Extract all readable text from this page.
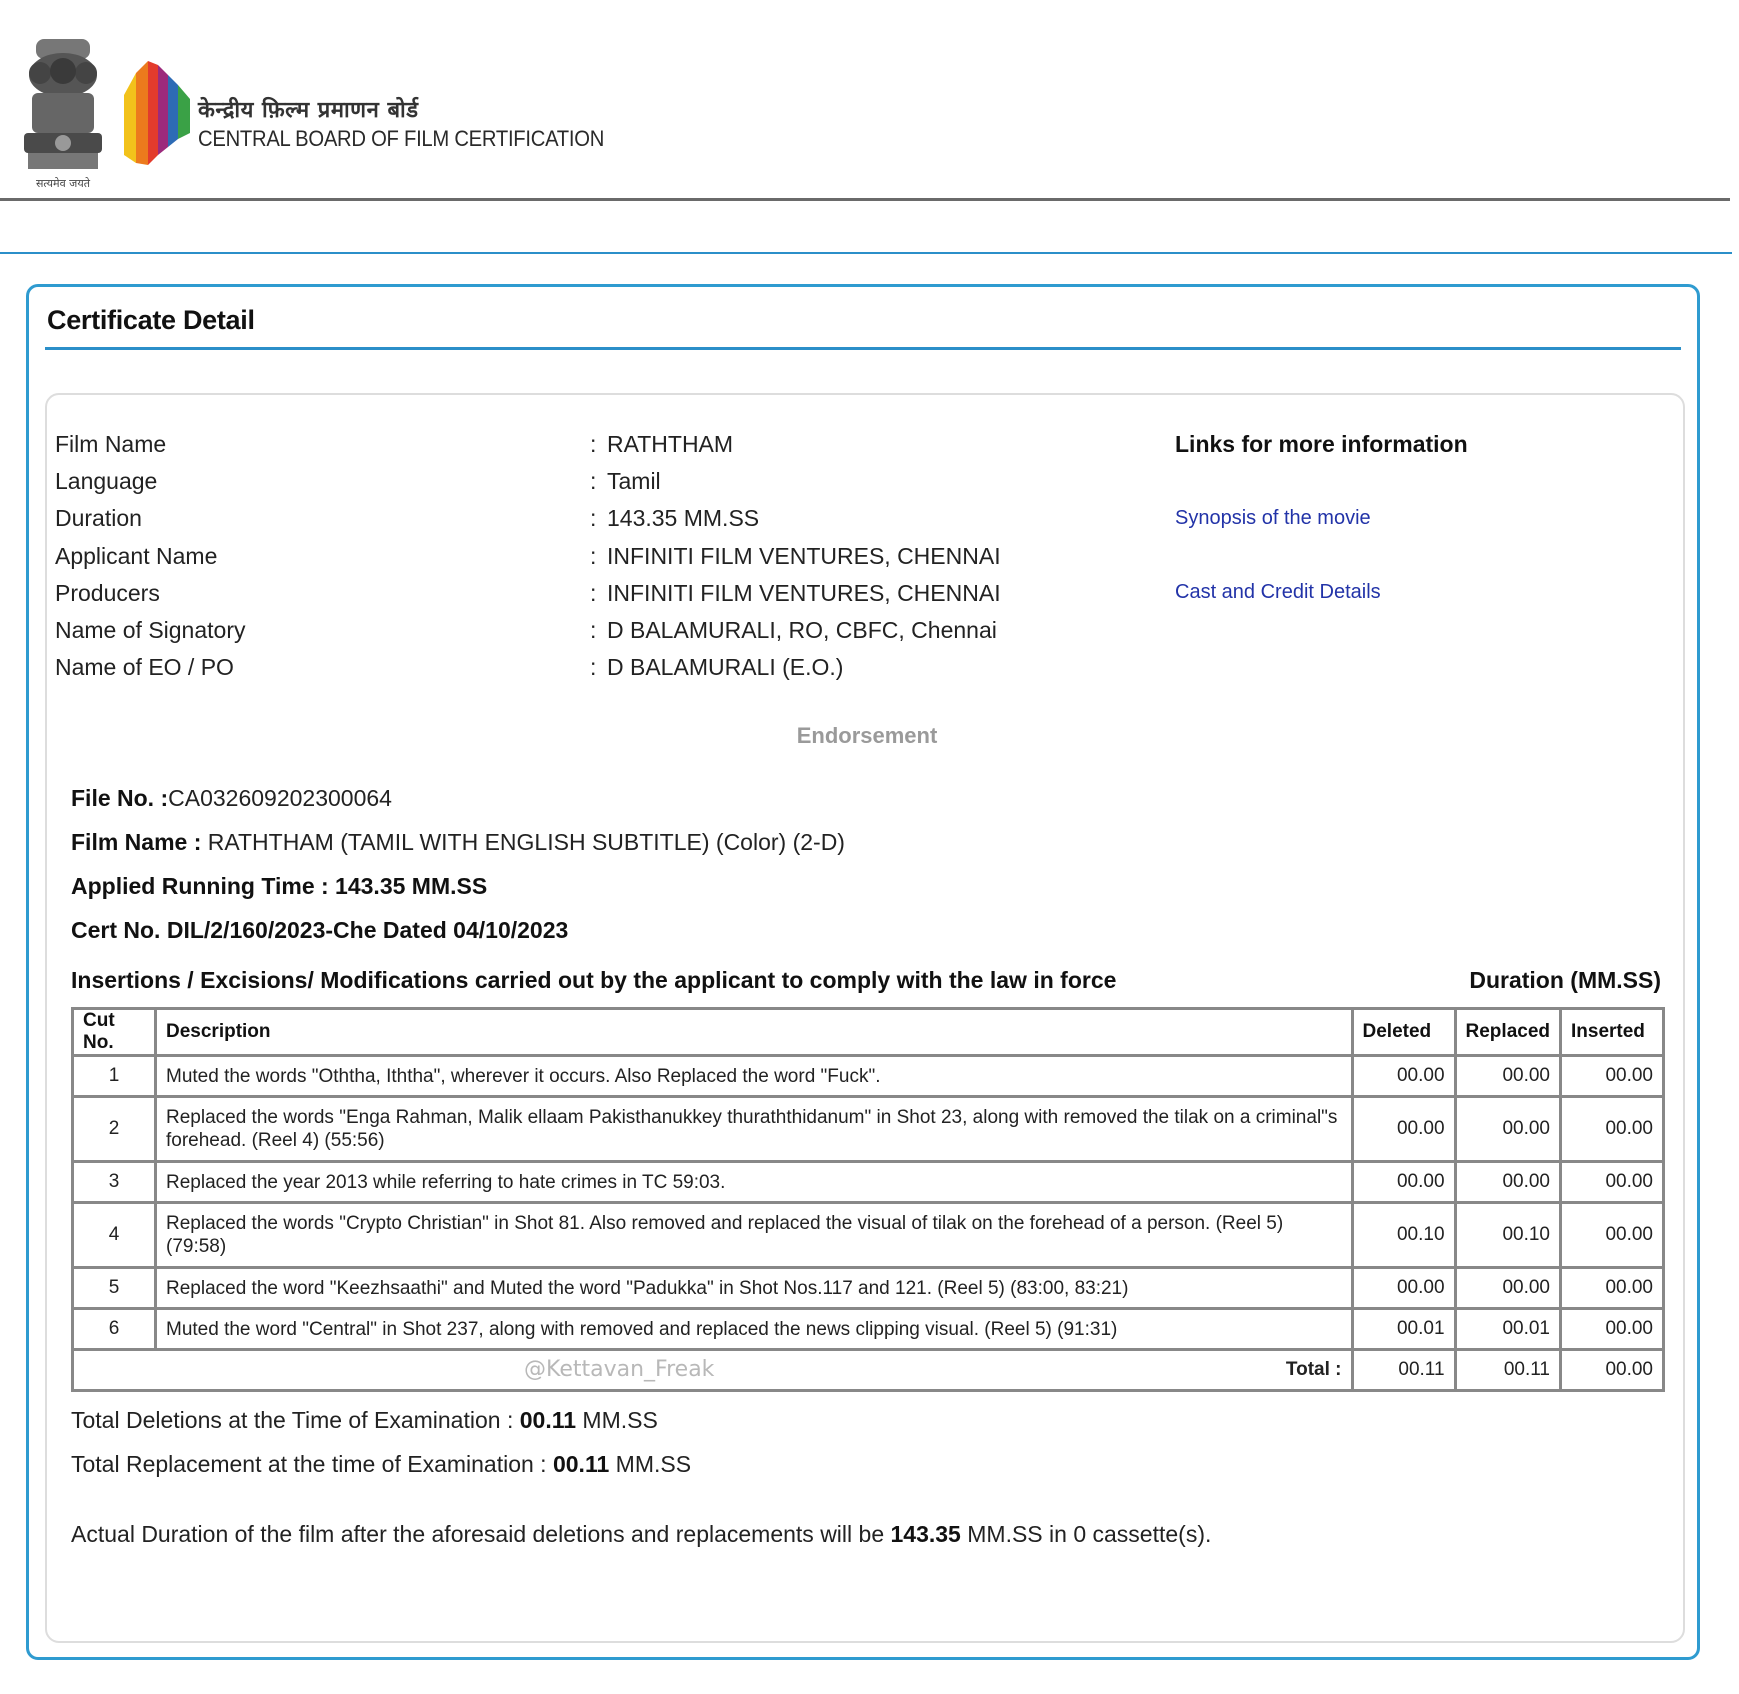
सत्यमेव जयते
केन्द्रीय फ़िल्म प्रमाणन बोर्ड
CENTRAL BOARD OF FILM CERTIFICATION
Certificate Detail
Film Name	: RATHTHAM
Language	: Tamil
Duration	: 143.35 MM.SS
Applicant Name	: INFINITI FILM VENTURES, CHENNAI
Producers	: INFINITI FILM VENTURES, CHENNAI
Name of Signatory	: D BALAMURALI, RO, CBFC, Chennai
Name of EO / PO	: D BALAMURALI (E.O.)
Links for more information
Synopsis of the movie
Cast and Credit Details
Endorsement
File No. :CA032609202300064
Film Name : RATHTHAM (TAMIL WITH ENGLISH SUBTITLE) (Color) (2-D)
Applied Running Time : 143.35 MM.SS
Cert No. DIL/2/160/2023-Che Dated 04/10/2023
Insertions / Excisions/ Modifications carried out by the applicant to comply with the law in force	Duration (MM.SS)
Cut No.	Description	Deleted	Replaced	Inserted
1	Muted the words "Oththa, Iththa", wherever it occurs. Also Replaced the word "Fuck".	00.00	00.00	00.00
2	Replaced the words "Enga Rahman, Malik ellaam Pakisthanukkey thuraththidanum" in Shot 23, along with removed the tilak on a criminal"s forehead. (Reel 4) (55:56)	00.00	00.00	00.00
3	Replaced the year 2013 while referring to hate crimes in TC 59:03.	00.00	00.00	00.00
4	Replaced the words "Crypto Christian" in Shot 81. Also removed and replaced the visual of tilak on the forehead of a person. (Reel 5) (79:58)	00.10	00.10	00.00
5	Replaced the word "Keezhsaathi" and Muted the word "Padukka" in Shot Nos.117 and 121. (Reel 5) (83:00, 83:21)	00.00	00.00	00.00
6	Muted the word "Central" in Shot 237, along with removed and replaced the news clipping visual. (Reel 5) (91:31)	00.01	00.01	00.00

@Kettavan_Freak Total :		00.11	00.11	00.00
Total Deletions at the Time of Examination : 00.11 MM.SS
Total Replacement at the time of Examination : 00.11 MM.SS
Actual Duration of the film after the aforesaid deletions and replacements will be 143.35 MM.SS in 0 cassette(s).
